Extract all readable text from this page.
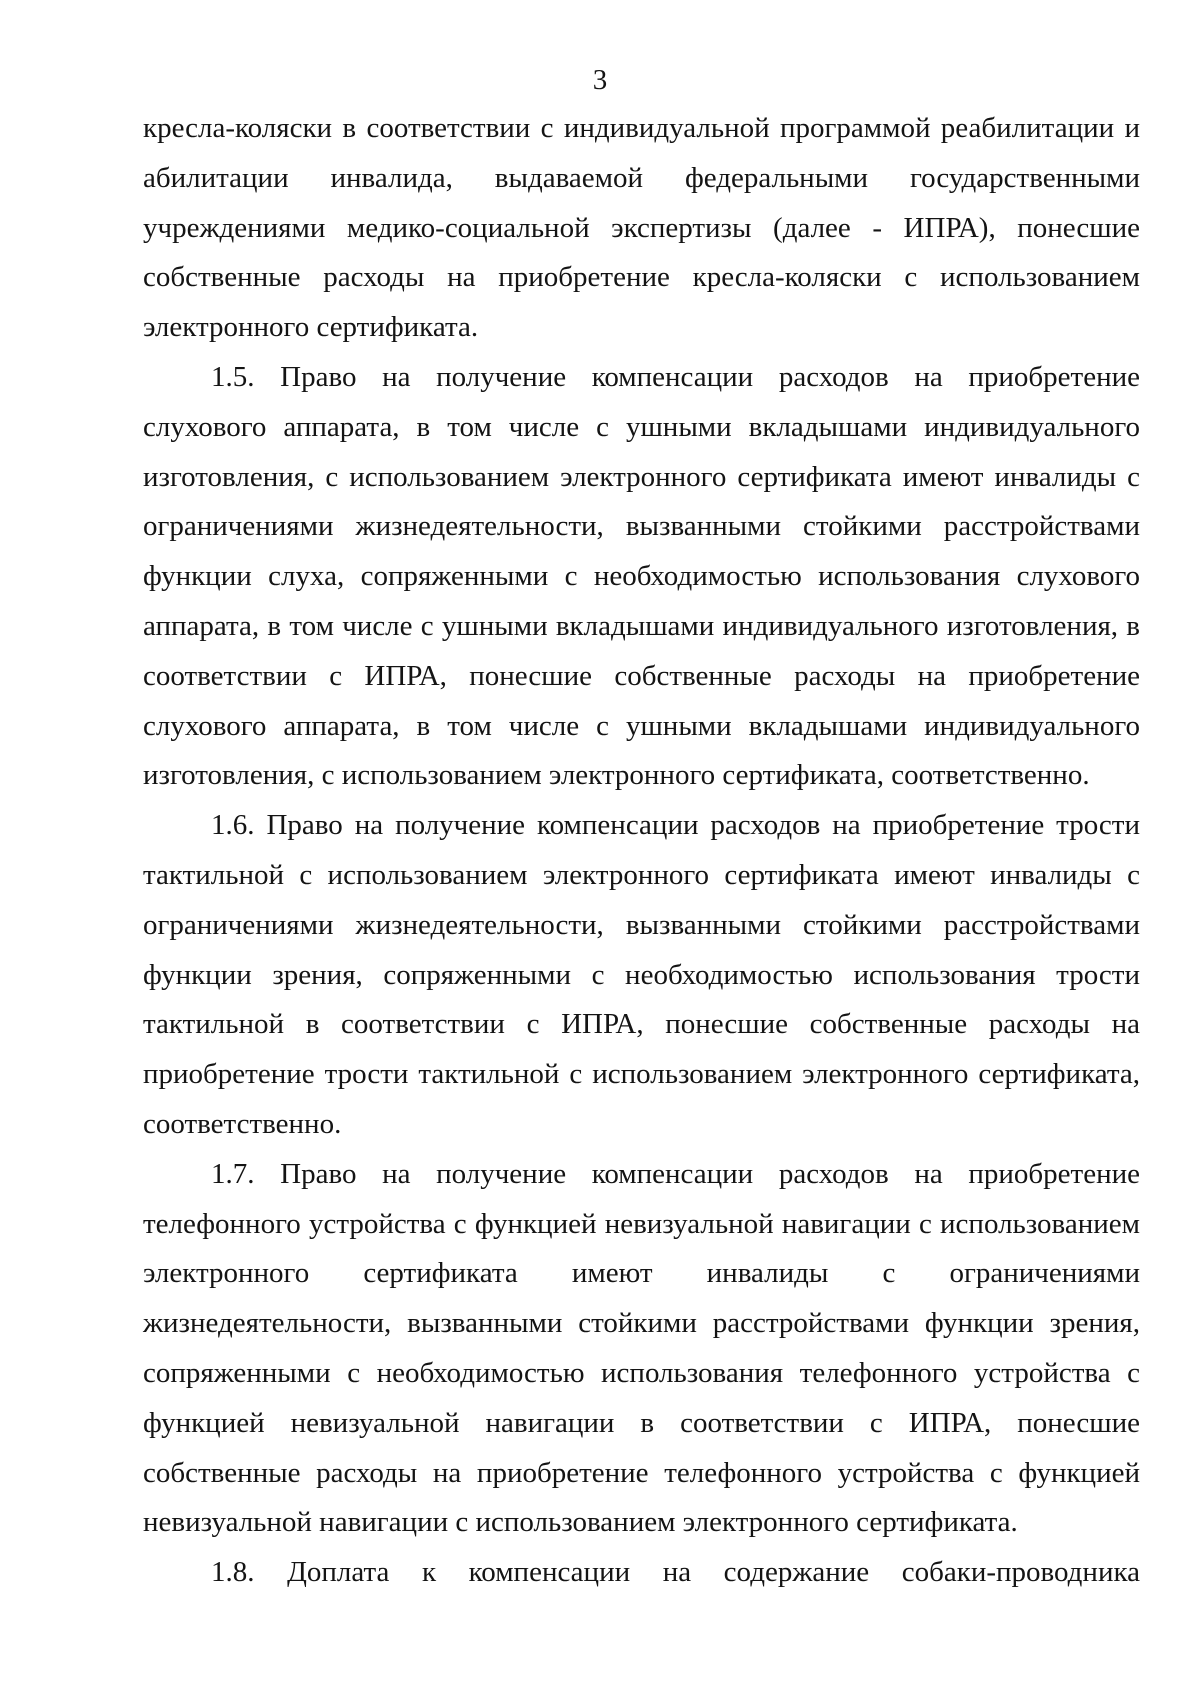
3

кресла-коляски в соответствии с индивидуальной программой реабилитации и абилитации инвалида, выдаваемой федеральными государственными учреждениями медико-социальной экспертизы (далее - ИПРА), понесшие собственные расходы на приобретение кресла-коляски с использованием электронного сертификата.

1.5. Право на получение компенсации расходов на приобретение слухового аппарата, в том числе с ушными вкладышами индивидуального изготовления, с использованием электронного сертификата имеют инвалиды с ограничениями жизнедеятельности, вызванными стойкими расстройствами функции слуха, сопряженными с необходимостью использования слухового аппарата, в том числе с ушными вкладышами индивидуального изготовления, в соответствии с ИПРА, понесшие собственные расходы на приобретение слухового аппарата, в том числе с ушными вкладышами индивидуального изготовления, с использованием электронного сертификата, соответственно.

1.6. Право на получение компенсации расходов на приобретение трости тактильной с использованием электронного сертификата имеют инвалиды с ограничениями жизнедеятельности, вызванными стойкими расстройствами функции зрения, сопряженными с необходимостью использования трости тактильной в соответствии с ИПРА, понесшие собственные расходы на приобретение трости тактильной с использованием электронного сертификата, соответственно.

1.7. Право на получение компенсации расходов на приобретение телефонного устройства с функцией невизуальной навигации с использованием электронного сертификата имеют инвалиды с ограничениями жизнедеятельности, вызванными стойкими расстройствами функции зрения, сопряженными с необходимостью использования телефонного устройства с функцией невизуальной навигации в соответствии с ИПРА, понесшие собственные расходы на приобретение телефонного устройства с функцией невизуальной навигации с использованием электронного сертификата.

1.8. Доплата к компенсации на содержание собаки-проводника
